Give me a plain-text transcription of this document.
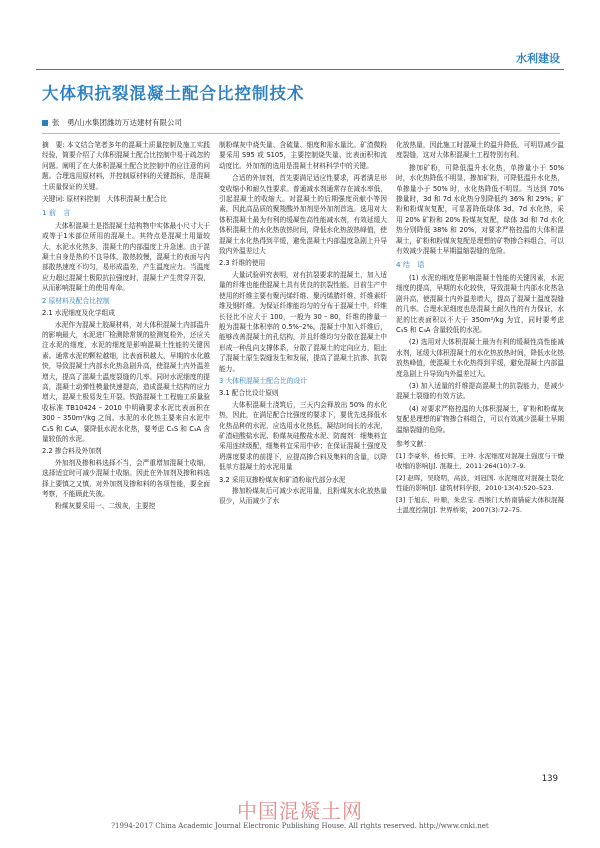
水利建设
大体积抗裂混凝土配合比控制技术
张　勇/山水集团潍坊万达建材有限公司

摘　要: 本文结合笔者多年的混凝土质量控制及施工实践经验，简要介绍了大体积混凝土配合比控制中易于疏忽的问题。阐明了在大体积混凝土配合比控制中的应注意的问题。合理选用原材料，并控制原材料的关键指标，是混凝土质量保证的关键。

关键词: 原材料控制　大体积混凝土配合比

1 前　言

大体积混凝土是指混凝土结构物中实体最小尺寸大于或等于1米部位所用的混凝土。其特点是混凝土用量较大，水泥水化热多，混凝土的内部温度上升急速。由于混凝土自身是热的不良导体，散热较慢，混凝土的表面与内部散热速度不均匀，易形成温差，产生温度应力。当温度应力超过混凝土极限抗拉强度时，混凝土产生贯穿开裂，从而影响混凝土的使用寿命。

2 原材料及配合比控制
2.1 水泥细度及化学组成

水泥作为混凝土胶凝材料，对大体积混凝土内部温升的影响最大，水泥进厂检测除常规的检测复检外，还应关注水泥的细度，水泥的细度是影响混凝土性能的关键因素。通常水泥的颗粒越细，比表面积越大，早期的水化越快，导致混凝土内部水化热急剧升高，使混凝土内外温差增大，提高了混凝土温度裂缝的几率。同时水泥细度的提高，混凝土动弹性模量快速提高，造成混凝土结构的应力增大，混凝土极易发生开裂。铁路混凝土工程施工质量验收标准 TB10424 – 2010 中明确要求水泥比表面积在 300 – 350m²/kg 之间。水泥的水化热主要来自水泥中 C₃S 和 C₃A，要降低水泥水化热，要考虑 C₃S 和 C₃A 含量较低的水泥。

2.2 掺合料及外加剂

外加剂及掺和料选择不当，会严重增加混凝土收缩，选择适宜时可减少混凝土收缩。因此在外加剂及掺和料选择上要慎之又慎，对外加剂及掺和料的各项性能，要全面考察，不能顾此失彼。

粉煤灰要采用一、二级灰，主要控

制粉煤灰中烧失量、含硫量、细度和需水量比。矿渣微粉要采用 S95 或 S105，主要控制烧失量、比表面积和流动度比。外加剂的选用是混凝土材料科学中的关键。

合适的外加剂，首先要满足适应性要求，再者满足形变收缩小和耐久性要求。普通减水剂通常存在减水率低，引起混凝土的收缩大。对混凝土的后期强度贡献小等因素，因此高品质的聚羧酸外加剂是外加剂首选。选用对大体积混凝土最为有利的缓凝性高性能减水剂，有效延缓大体积混凝土的水化热放热时间，降低水化热放热峰值，使混凝土水化热得到平缓，避免混凝土内部温度急剧上升导致内外温差过大

2.3 纤维的使用

大量试验研究表明，对有抗裂要求的混凝土，加入适量的纤维也能使混凝土具有优良的抗裂性能。目前生产中使用的纤维主要有聚丙烯纤维、聚丙烯腈纤维、纤维素纤维及钢纤维。为保证纤维能均匀的分布于混凝土中，纤维长径比不应大于 100，一般为 30 – 80，纤维的掺量一般为混凝土体积率的 0.5%–2%。混凝土中加入纤维后，能够改善混凝土的孔结构，并且纤维均匀分散在混凝土中形成一种乱向支撑体系，分散了混凝土的定向应力，阻止了混凝土原生裂缝发生和发展，提高了混凝土抗渗、抗裂能力。

3 大体积混凝土配合比的设计
3.1 配合比设计原则

大体积混凝土浇筑后，三天内会释放出 50% 的水化热，因此，在满足配合比强度的要求下，要优先选择低水化热品种的水泥，应选用水化热低、凝结时间长的水泥，矿渣硅酸盐水泥、粉煤灰硅酸盐水泥、防腐剂：细集料宜采用连续级配，细集料宜采用中砂；在保证混凝土强度及坍落度要求的前提下，应提高掺合料及集料的含量，以降低单方混凝土的水泥用量

3.2 采用双掺粉煤灰和矿渣粉取代部分水泥

掺加粉煤灰后可减少水泥用量，且粉煤灰水化放热量很少，从而减少了水

化放热量，因此施工时混凝土的温升降低，可明显减少温度裂缝，这对大体积混凝土工程特别有利。

掺加矿粉，可降低温升水化热，单掺量小于 50% 时，水化热降低不明显，掺加矿粉，可降低温升水化热，单掺量小于 50% 时，水化热降低不明显。当达到 70% 掺量时，3d 和 7d 水化热分别降低约 36% 和 29%；矿粉和粉煤灰复配，可显著降低绿体 3d、7d 水化热，采用 20% 矿粉和 20% 粉煤灰复配，绿体 3d 和 7d 水化热分别降低 38% 和 20%，对要求严格控温的大体积混凝土，矿粉和粉煤灰复配是理想的矿物掺合料组合，可以有效减少混凝土早期温缩裂缝的危险。

4 结　语

(1) 水泥的细度是影响混凝土性能的关键因素，水泥细度的提高，早期的水化较快，导致混凝土内部水化热急剧升高，使混凝土内外温差增大，提高了混凝土温度裂缝的几率。合理水泥细度也是混凝土耐久性的有力保证，水泥的比表面积以不大于 350m²/kg 为宜，同时要考虑 C₃S 和 C₃A 含量较低的水泥。

(2) 选用对大体积混凝土最为有利的缓凝性高性能减水剂，延缓大体积混凝土的水化热放热时间，降低水化热放热峰值，使混凝土水化热得到平缓，避免混凝土内部温度急剧上升导致内外温差过大。

(3) 加入适量的纤维提高混凝土的抗裂能力，是减少混凝土裂缝的有效方法。

(4) 对要求严格控温的大体积混凝土，矿粉和粉煤灰复配是理想的矿物掺合料组合，可以有效减少混凝土早期温缩裂缝的危险。

参考文献：

[1] 李豪举，杨长辉，王冲. 水泥细度对混凝土强度与干燥收缩的影响[J]. 混凝土，2011·264(10):7–9.

[2] 赵晖，吴晓明，高波，刘冠国. 水泥细度对混凝土裂化性能的影响[J]. 建筑材料学报，2010·13(4):520–523.

[3] 于旭东，叶顺，朱忠宝. 西堠门大桥南锚碇大体积混凝土温度控制[J]. 世界桥梁，2007(3):72–75.

139
中国混凝土网
?1994-2017 China Academic Journal Electronic Publishing House. All rights reserved. http://www.cnki.net
